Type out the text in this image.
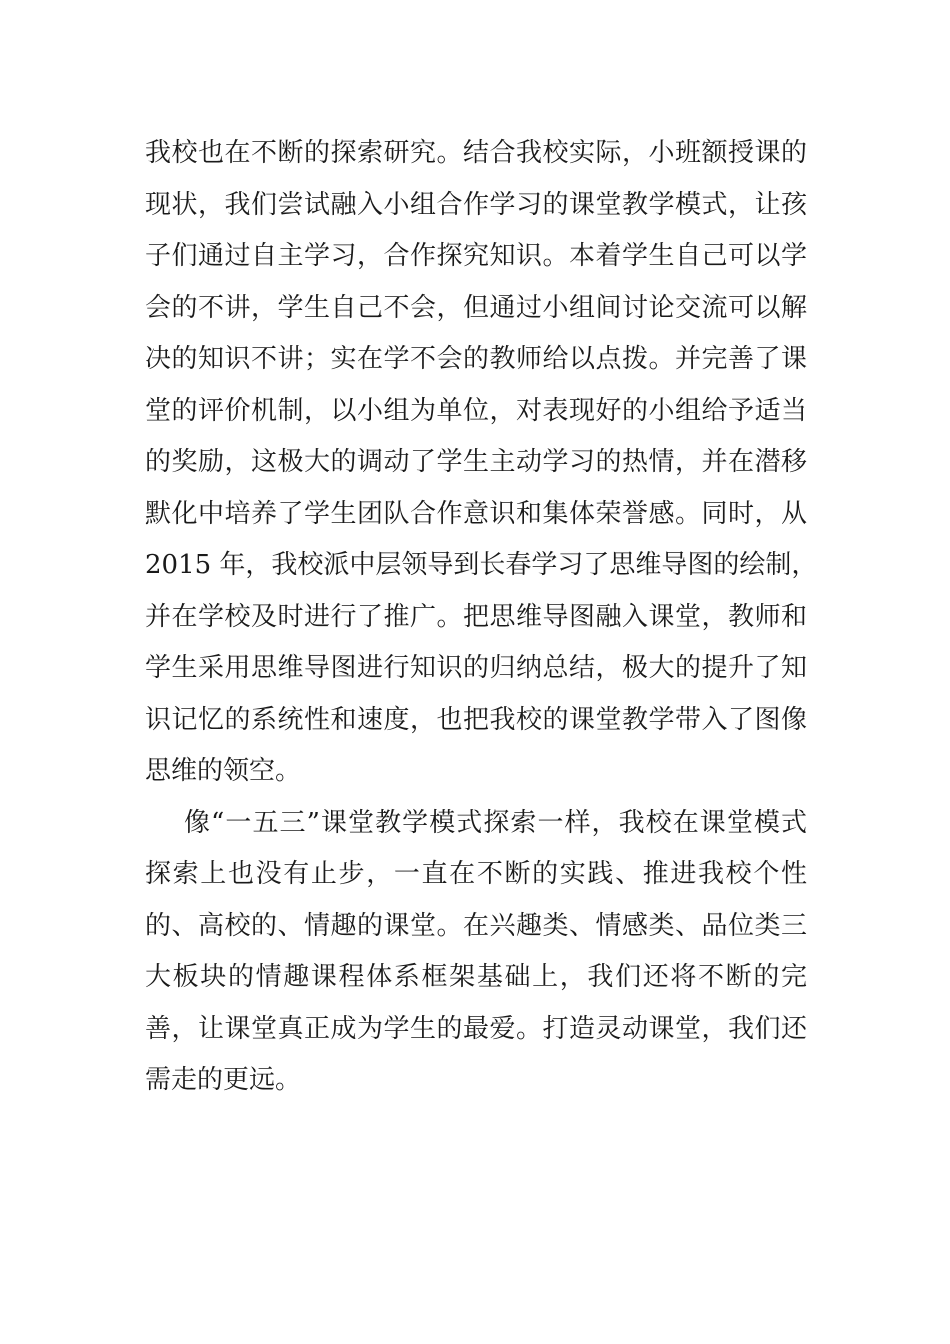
我校也在不断的探索研究。结合我校实际，小班额授课的
现状，我们尝试融入小组合作学习的课堂教学模式，让孩
子们通过自主学习，合作探究知识。本着学生自己可以学
会的不讲，学生自己不会，但通过小组间讨论交流可以解
决的知识不讲；实在学不会的教师给以点拨。并完善了课
堂的评价机制，以小组为单位，对表现好的小组给予适当
的奖励，这极大的调动了学生主动学习的热情，并在潜移
默化中培养了学生团队合作意识和集体荣誉感。同时，从
2015 年，我校派中层领导到长春学习了思维导图的绘制，
并在学校及时进行了推广。把思维导图融入课堂，教师和
学生采用思维导图进行知识的归纳总结，极大的提升了知
识记忆的系统性和速度，也把我校的课堂教学带入了图像
思维的领空。
像“一五三”课堂教学模式探索一样，我校在课堂模式
探索上也没有止步，一直在不断的实践、推进我校个性
的、高校的、情趣的课堂。在兴趣类、情感类、品位类三
大板块的情趣课程体系框架基础上，我们还将不断的完
善，让课堂真正成为学生的最爱。打造灵动课堂，我们还
需走的更远。
